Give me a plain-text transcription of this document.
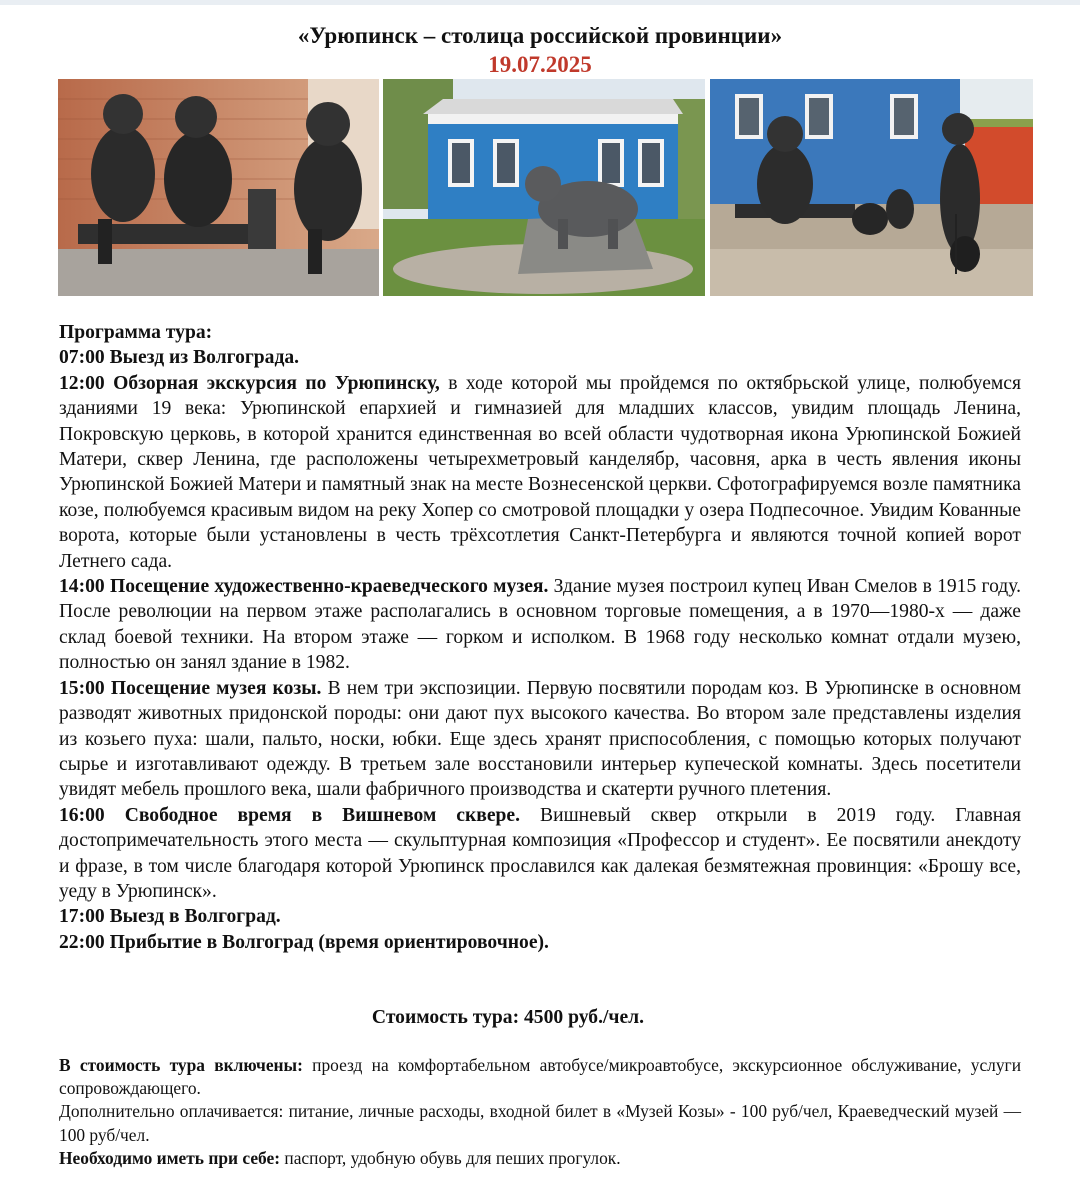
«Урюпинск – столица российской провинции»
19.07.2025

Программа тура:

07:00 Выезд из Волгограда.

12:00 Обзорная экскурсия по Урюпинску, в ходе которой мы пройдемся по октябрьской улице, полюбуемся зданиями 19 века: Урюпинской епархией и гимназией для младших классов, увидим площадь Ленина, Покровскую церковь, в которой хранится единственная во всей области чудотворная икона Урюпинской Божией Матери, сквер Ленина, где расположены четырехметровый канделябр, часовня, арка в честь явления иконы Урюпинской Божией Матери и памятный знак на месте Вознесенской церкви. Сфотографируемся возле памятника козе, полюбуемся красивым видом на реку Хопер со смотровой площадки у озера Подпесочное. Увидим Кованные ворота, которые были установлены в честь трёхсотлетия Санкт-Петербурга и являются точной копией ворот Летнего сада.

14:00 Посещение художественно-краеведческого музея. Здание музея построил купец Иван Смелов в 1915 году. После революции на первом этаже располагались в основном торговые помещения, а в 1970—1980-х — даже склад боевой техники. На втором этаже — горком и исполком. В 1968 году несколько комнат отдали музею, полностью он занял здание в 1982.

15:00 Посещение музея козы. В нем три экспозиции. Первую посвятили породам коз. В Урюпинске в основном разводят животных придонской породы: они дают пух высокого качества. Во втором зале представлены изделия из козьего пуха: шали, пальто, носки, юбки. Еще здесь хранят приспособления, с помощью которых получают сырье и изготавливают одежду. В третьем зале восстановили интерьер купеческой комнаты. Здесь посетители увидят мебель прошлого века, шали фабричного производства и скатерти ручного плетения.

16:00 Свободное время в Вишневом сквере. Вишневый сквер открыли в 2019 году. Главная достопримечательность этого места — скульптурная композиция «Профессор и студент». Ее посвятили анекдоту и фразе, в том числе благодаря которой Урюпинск прославился как далекая безмятежная провинция: «Брошу все, уеду в Урюпинск».

17:00 Выезд в Волгоград.

22:00 Прибытие в Волгоград (время ориентировочное).

Стоимость тура: 4500 руб./чел.

В стоимость тура включены: проезд на комфортабельном автобусе/микроавтобусе, экскурсионное обслуживание, услуги сопровождающего.

Дополнительно оплачивается: питание, личные расходы, входной билет в «Музей Козы» - 100 руб/чел, Краеведческий музей — 100 руб/чел.

Необходимо иметь при себе: паспорт, удобную обувь для пеших прогулок.
